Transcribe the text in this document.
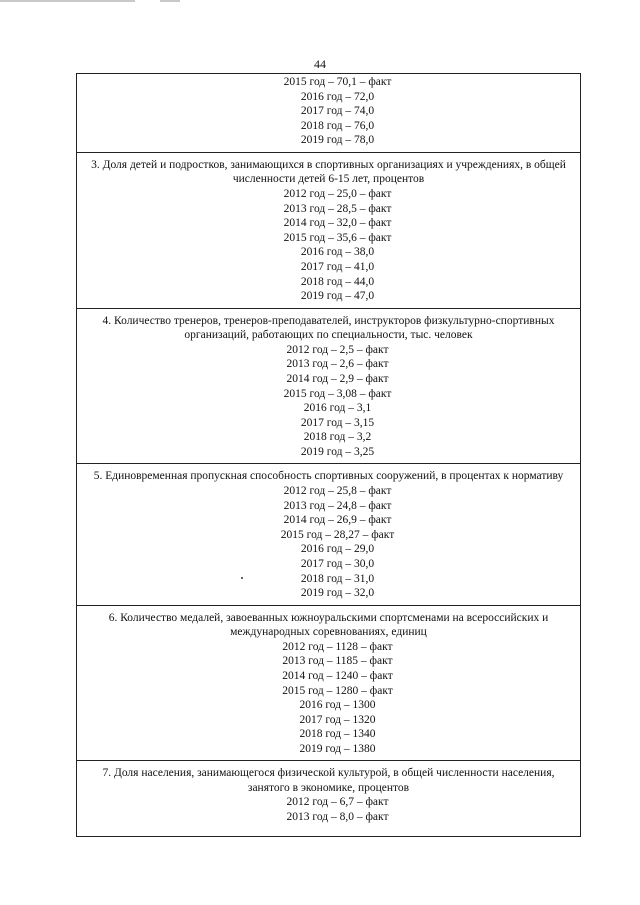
44
2015 год – 70,1 – факт
2016 год – 72,0
2017 год – 74,0
2018 год – 76,0
2019 год – 78,0
3. Доля детей и подростков, занимающихся в спортивных организациях и учреждениях, в общей численности детей 6-15 лет, процентов
2012 год – 25,0 – факт
2013 год – 28,5 – факт
2014 год – 32,0 – факт
2015 год – 35,6 – факт
2016 год – 38,0
2017 год – 41,0
2018 год – 44,0
2019 год – 47,0
4. Количество тренеров, тренеров-преподавателей, инструкторов физкультурно-спортивных организаций, работающих по специальности, тыс. человек
2012 год – 2,5 – факт
2013 год – 2,6 – факт
2014 год – 2,9 – факт
2015 год – 3,08 – факт
2016 год – 3,1
2017 год – 3,15
2018 год – 3,2
2019 год – 3,25
5. Единовременная пропускная способность спортивных сооружений, в процентах к нормативу
2012 год – 25,8 – факт
2013 год – 24,8 – факт
2014 год – 26,9 – факт
2015 год – 28,27 – факт
2016 год – 29,0
2017 год – 30,0
2018 год – 31,0
2019 год – 32,0
6. Количество медалей, завоеванных южноуральскими спортсменами на всероссийских и международных соревнованиях, единиц
2012 год – 1128 – факт
2013 год – 1185 – факт
2014 год – 1240 – факт
2015 год – 1280 – факт
2016 год – 1300
2017 год – 1320
2018 год – 1340
2019 год – 1380
7. Доля населения, занимающегося физической культурой, в общей численности населения, занятого в экономике, процентов
2012 год – 6,7 – факт
2013 год – 8,0 – факт
